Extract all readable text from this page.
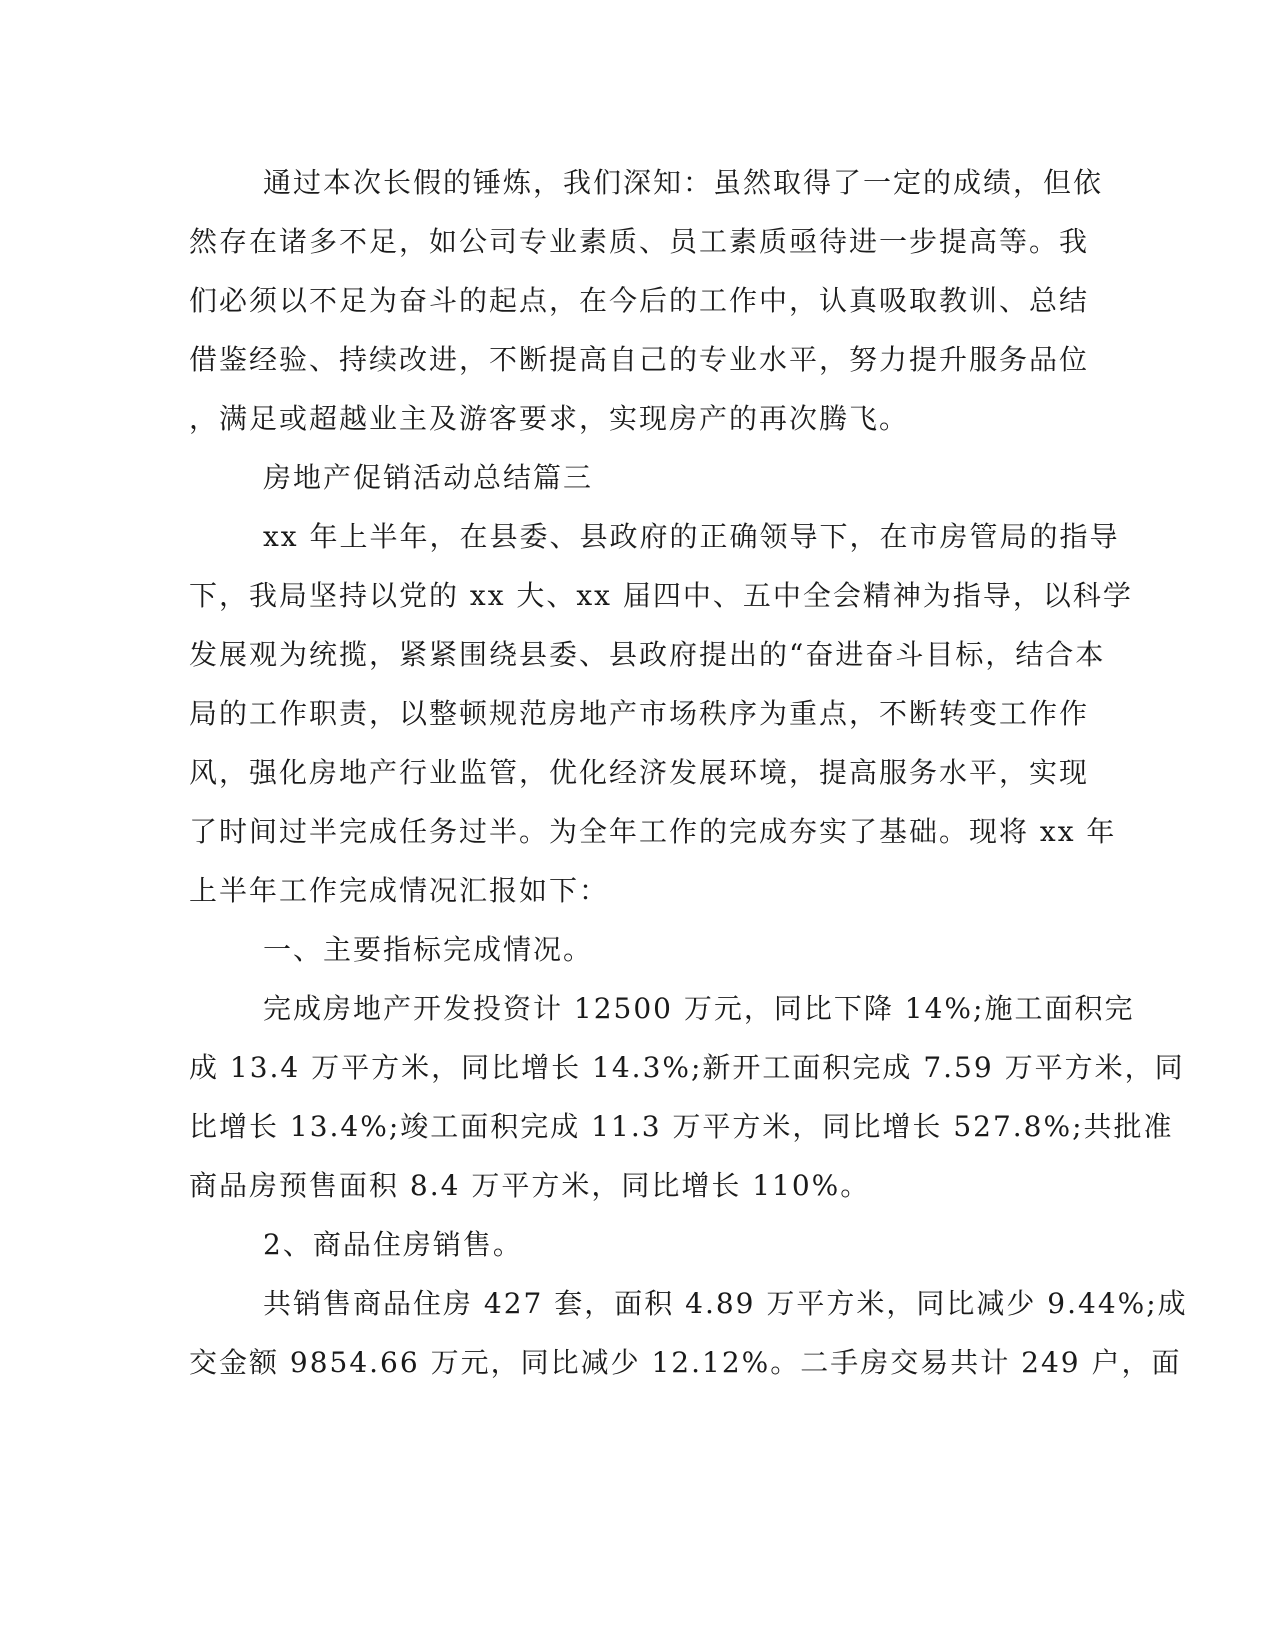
通过本次长假的锤炼，我们深知：虽然取得了一定的成绩，但依
然存在诸多不足，如公司专业素质、员工素质亟待进一步提高等。我
们必须以不足为奋斗的起点，在今后的工作中，认真吸取教训、总结
借鉴经验、持续改进，不断提高自己的专业水平，努力提升服务品位
，满足或超越业主及游客要求，实现房产的再次腾飞。
房地产促销活动总结篇三
xx 年上半年，在县委、县政府的正确领导下，在市房管局的指导
下，我局坚持以党的 xx 大、xx 届四中、五中全会精神为指导，以科学
发展观为统揽，紧紧围绕县委、县政府提出的“奋进奋斗目标，结合本
局的工作职责，以整顿规范房地产市场秩序为重点，不断转变工作作
风，强化房地产行业监管，优化经济发展环境，提高服务水平，实现
了时间过半完成任务过半。为全年工作的完成夯实了基础。现将 xx 年
上半年工作完成情况汇报如下：
一、主要指标完成情况。
完成房地产开发投资计 12500 万元，同比下降 14%;施工面积完
成 13.4 万平方米，同比增长 14.3%;新开工面积完成 7.59 万平方米，同
比增长 13.4%;竣工面积完成 11.3 万平方米，同比增长 527.8%;共批准
商品房预售面积 8.4 万平方米，同比增长 110%。
2、商品住房销售。
共销售商品住房 427 套，面积 4.89 万平方米，同比减少 9.44%;成
交金额 9854.66 万元，同比减少 12.12%。二手房交易共计 249 户，面
